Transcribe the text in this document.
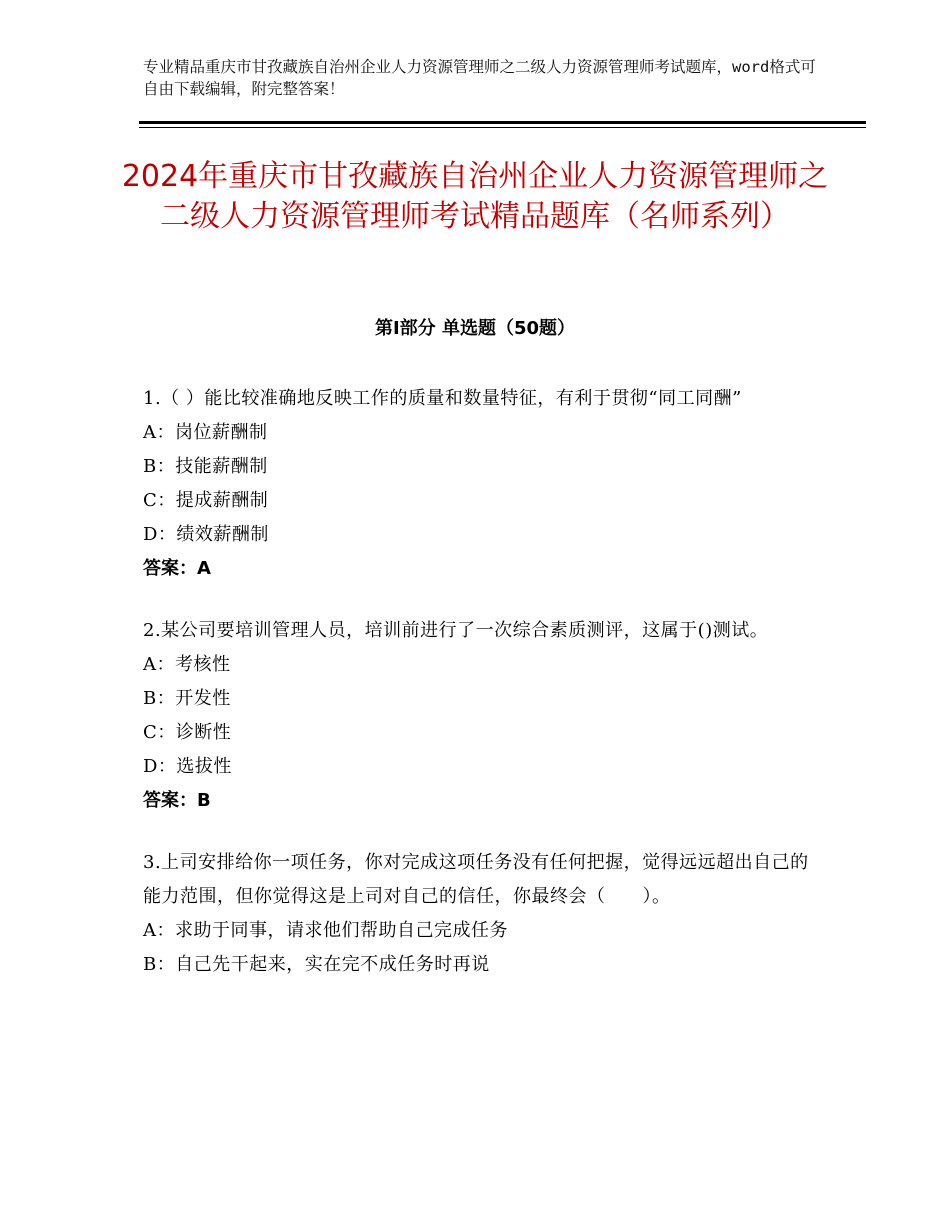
专业精品重庆市甘孜藏族自治州企业人力资源管理师之二级人力资源管理师考试题库，word格式可自由下载编辑，附完整答案！
2024年重庆市甘孜藏族自治州企业人力资源管理师之二级人力资源管理师考试精品题库（名师系列）
第Ⅰ部分 单选题（50题）
1.（ ）能比较准确地反映工作的质量和数量特征，有利于贯彻“同工同酬”
A：岗位薪酬制
B：技能薪酬制
C：提成薪酬制
D：绩效薪酬制
答案：A
2.某公司要培训管理人员，培训前进行了一次综合素质测评，这属于()测试。
A：考核性
B：开发性
C：诊断性
D：选拔性
答案：B
3.上司安排给你一项任务，你对完成这项任务没有任何把握，觉得远远超出自己的能力范围，但你觉得这是上司对自己的信任，你最终会（　　）。
A：求助于同事，请求他们帮助自己完成任务
B：自己先干起来，实在完不成任务时再说
